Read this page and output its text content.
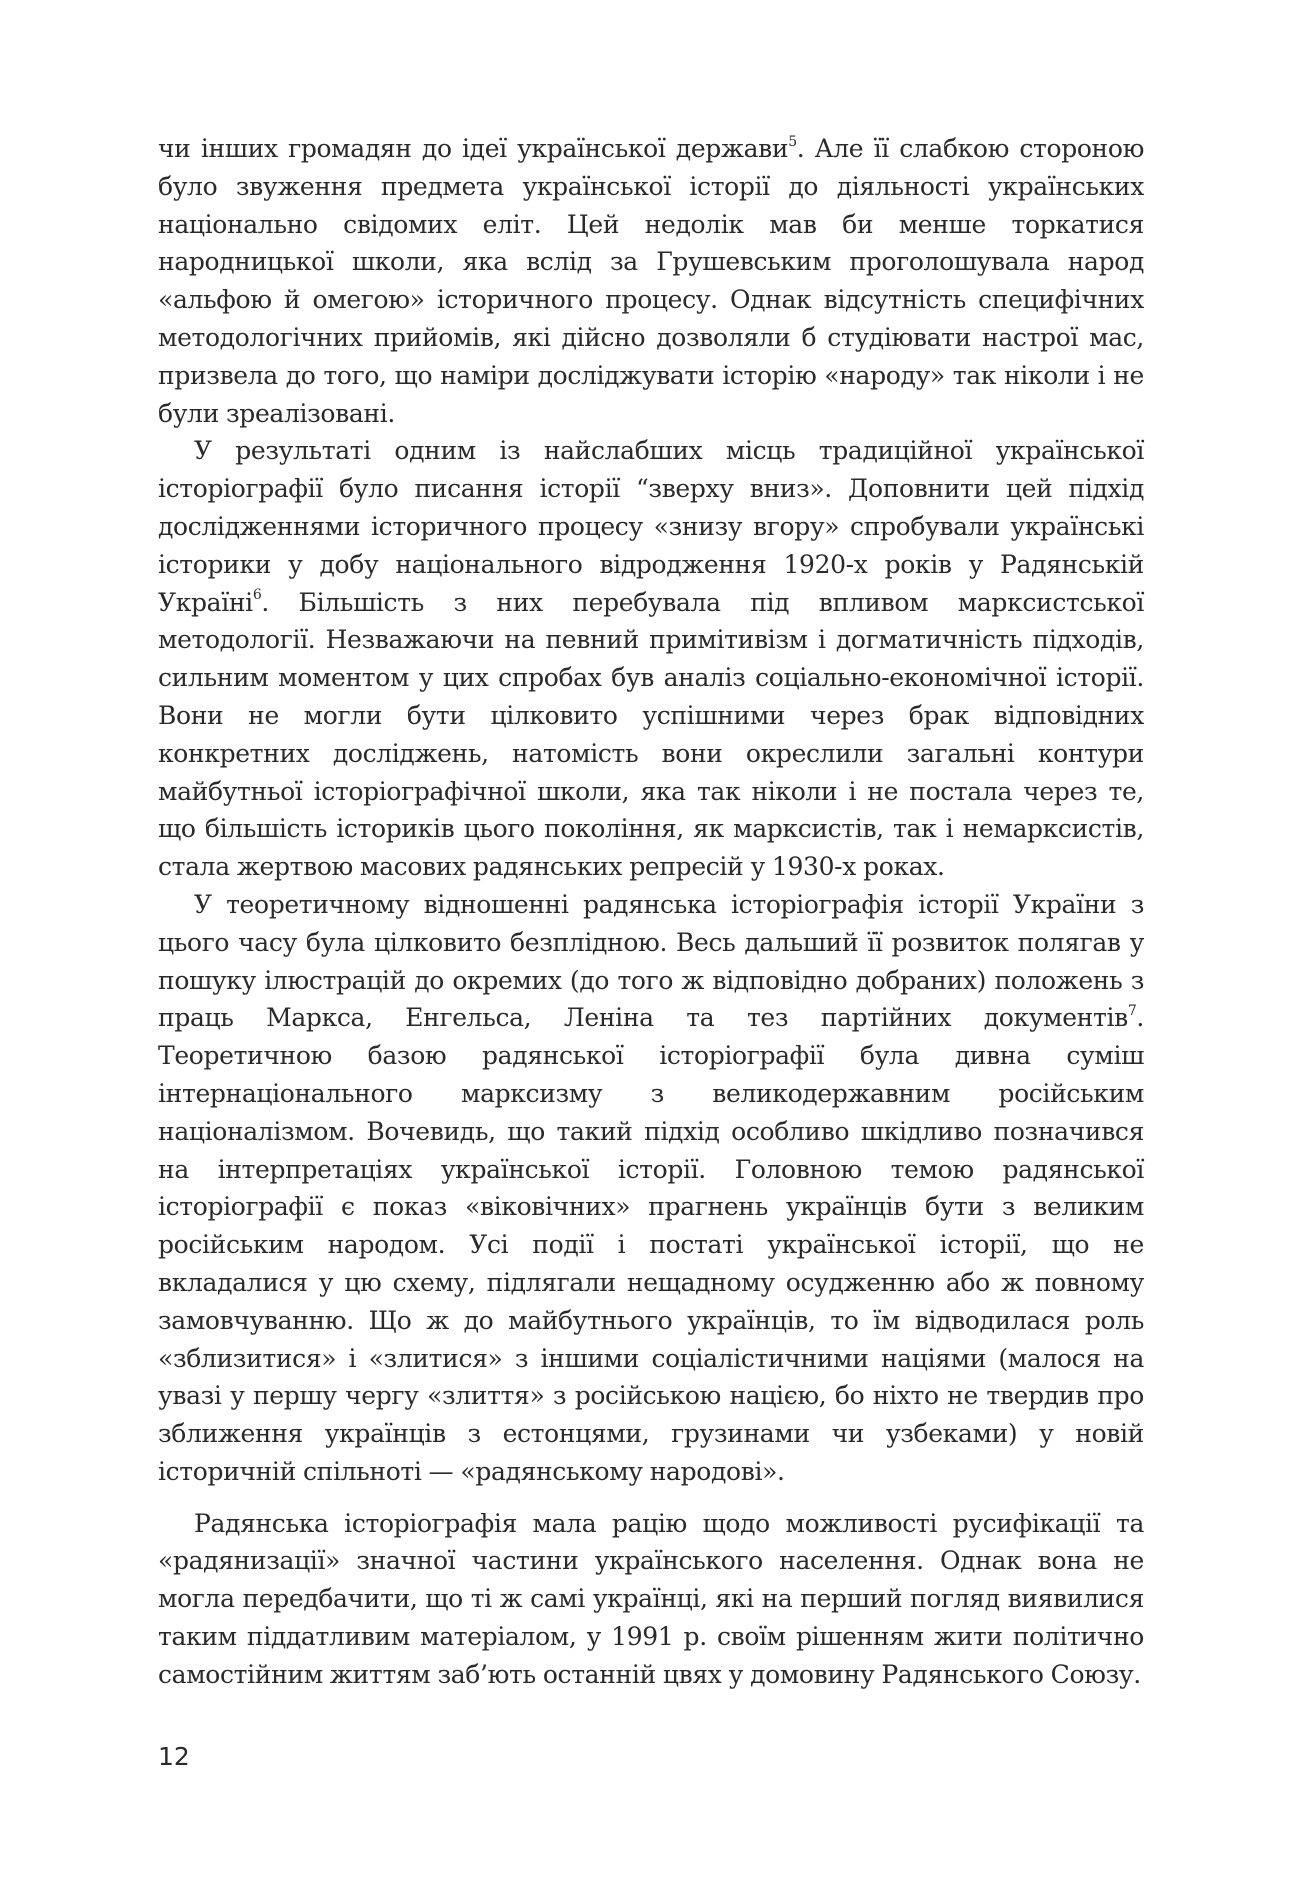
чи інших громадян до ідеї української держави$^5$. Але її слабкою стороною було звуження предмета української історії до діяльності українських національно свідомих еліт. Цей недолік мав би менше торкатися народницької школи, яка вслід за Грушевським проголошувала народ «альфою й омегою» історичного процесу. Однак відсутність специфічних методологічних прийомів, які дійсно дозволяли б студіювати настрої мас, призвела до того, що наміри досліджувати історію «народу» так ніколи і не були зреалізовані.

У результаті одним із найслабших місць традиційної української історіографії було писання історії “зверху вниз». Доповнити цей підхід дослідженнями історичного процесу «знизу вгору» спробували українські історики у добу національного відродження 1920-х років у Радянській Україні$^6$. Більшість з них перебувала під впливом марксистської методології. Незважаючи на певний примітивізм і догматичність підходів, сильним моментом у цих спробах був аналіз соціально-економічної історії. Вони не могли бути цілковито успішними через брак відповідних конкретних досліджень, натомість вони окреслили загальні контури майбутньої історіографічної школи, яка так ніколи і не постала через те, що більшість істориків цього покоління, як марксистів, так і немарксистів, стала жертвою масових радянських репресій у 1930-х роках.

У теоретичному відношенні радянська історіографія історії України з цього часу була цілковито безплідною. Весь дальший її розвиток полягав у пошуку ілюстрацій до окремих (до того ж відповідно добраних) положень з праць Маркса, Енгельса, Леніна та тез партійних документів$^7$. Теоретичною базою радянської історіографії була дивна суміш інтернаціонального марксизму з великодержавним російським націоналізмом. Вочевидь, що такий підхід особливо шкідливо позначився на інтерпретаціях української історії. Головною темою радянської історіографії є показ «віковічних» прагнень українців бути з великим російським народом. Усі події і постаті української історії, що не вкладалися у цю схему, підлягали нещадному осудженню або ж повному замовчуванню. Що ж до майбутнього українців, то їм відводилася роль «зблизитися» і «злитися» з іншими соціалістичними націями (малося на увазі у першу чергу «злиття» з російською нацією, бо ніхто не твердив про зближення українців з естонцями, грузинами чи узбеками) у новій історичній спільноті — «радянському народові».

Радянська історіографія мала рацію щодо можливості русифікації та «радянизації» значної частини українського населення. Однак вона не могла передбачити, що ті ж самі українці, які на перший погляд виявилися таким піддатливим матеріалом, у 1991 р. своїм рішенням жити політично самостійним життям заб’ють останній цвях у домовину Радянського Союзу.

12
